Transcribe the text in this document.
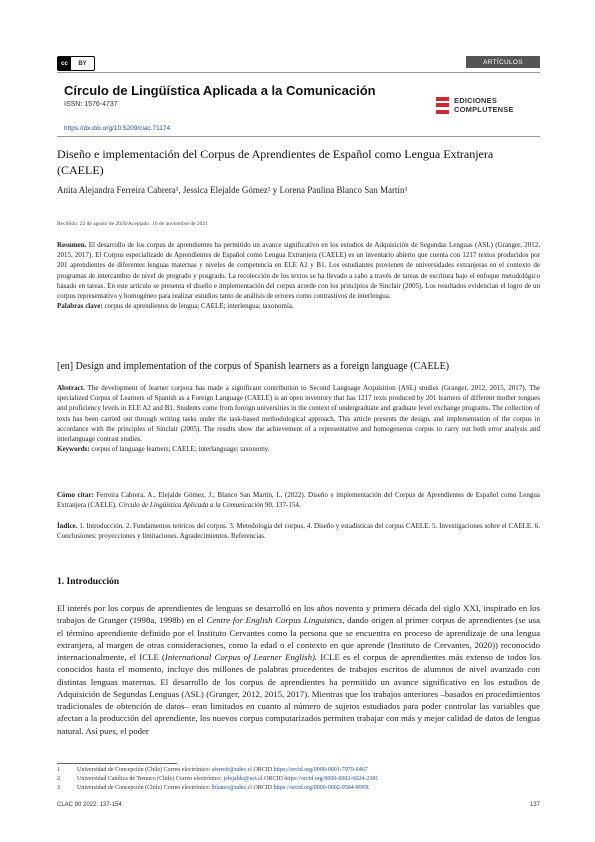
cc	BY	ARTÍCULOS
Círculo de Lingüística Aplicada a la Comunicación
ISSN: 1576-4737
https://dx.doi.org/10.5209/clac.71174
EDICIONES
COMPLUTENSE
Diseño e implementación del Corpus de Aprendientes de Español como Lengua Extranjera (CAELE)
Anita Alejandra Ferreira Cabrera¹, Jessica Elejalde Gómez² y Lorena Paulina Blanco San Martín³
Recibido: 22 de agosto de 2020/Aceptado: 10 de noviembre de 2021

Resumen. El desarrollo de los corpus de aprendientes ha permitido un avance significativo en los estudios de Adquisición de Segundas Lenguas (ASL) (Granger, 2012, 2015, 2017). El Corpus especializado de Aprendientes de Español como Lengua Extranjera (CAELE) es un inventario abierto que cuenta con 1217 textos producidos por 201 aprendientes de diferentes lenguas maternas y niveles de competencia en ELE A2 y B1. Los estudiantes provienen de universidades extranjeras en el contexto de programas de intercambio de nivel de pregrado y posgrado. La recolección de los textos se ha llevado a cabo a través de tareas de escritura bajo el enfoque metodológico basado en tareas. En este artículo se presenta el diseño e implementación del corpus acorde con los principios de Sinclair (2005). Los resultados evidencian el logro de un corpus representativo y homogéneo para realizar estudios tanto de análisis de errores como contrastivos de interlengua.

Palabras clave: corpus de aprendientes de lengua; CAELE; interlengua; taxonomía.

[en] Design and implementation of the corpus of Spanish learners as a foreign language (CAELE)

Abstract. The development of learner corpora has made a significant contribution to Second Language Acquisition (ASL) studies (Granger, 2012, 2015, 2017). The specialized Corpus of Learners of Spanish as a Foreign Language (CAELE) is an open inventory that has 1217 texts produced by 201 learners of different mother tongues and proficiency levels in ELE A2 and B1. Students come from foreign universities in the context of undergraduate and graduate level exchange programs. The collection of texts has been carried out through writing tasks under the task-based methodological approach. This article presents the design, and implementation of the corpus in accordance with the principles of Sinclair (2005). The results show the achievement of a representative and homogeneous corpus to carry out both error analysis and interlanguage contrast studies.

Keywords: corpus of language learners; CAELE; interlanguage; taxonomy.

Cómo citar: Ferreira Cabrera, A., Elejalde Gómez, J.; Blanco San Martín, L. (2022). Diseño e implementación del Corpus de Aprendientes de Español como Lengua Extranjera (CAELE). Círculo de Lingüística Aplicada a la Comunicación 90, 137-154.

Índice. 1. Introducción. 2. Fundamentos teóricos del corpus. 3. Metodología del corpus, 4. Diseño y estadísticas del corpus CAELE. 5. Investigaciones sobre el CAELE. 6. Conclusiones: proyecciones y limitaciones. Agradecimientos. Referencias.

1. Introducción
El interés por los corpus de aprendientes de lenguas se desarrolló en los años noventa y primera década del siglo XXI, inspirado en los trabajos de Granger (1998a, 1998b) en el Centre for English Corpus Linguistics, dando origen al primer corpus de aprendientes (se usa el término aprendiente definido por el Instituto Cervantes como la persona que se encuentra en proceso de aprendizaje de una lengua extranjera, al margen de otras consideraciones, como la edad o el contexto en que aprende (Instituto de Cervantes, 2020)) reconocido internacionalmente, el ICLE (International Corpus of Learner English). ICLE es el corpus de aprendientes más extenso de todos los conocidos hasta el momento, incluye dos millones de palabras procedentes de trabajos escritos de alumnos de nivel avanzado con distintas lenguas maternas. El desarrollo de los corpus de aprendientes ha permitido un avance significativo en los estudios de Adquisición de Segundas Lenguas (ASL) (Granger, 2012, 2015, 2017). Mientras que los trabajos anteriores –basados en procedimientos tradicionales de obtención de datos– eran limitados en cuanto al número de sujetos estudiados para poder controlar las variables que afectan a la producción del aprendiente, los nuevos corpus computarizados permiten trabajar con más y mejor calidad de datos de lengua natural. Así pues, el poder
1	Universidad de Concepción (Chile) Correo electrónico: aferreir@udec.cl ORCID https://orcid.org/0000-0001-7979-6467
2	Universidad Católica de Temuco (Chile) Correo electrónico: jelejalde@uct.cl ORCID https://orcid.org/0000-0002-6024-2381
3	Universidad de Concepción (Chile) Correo electrónico: lblanco@udec.cl ORCID https://orcid.org/0000-0002-9584-899X
CLAC 90 2022: 137-154	137
